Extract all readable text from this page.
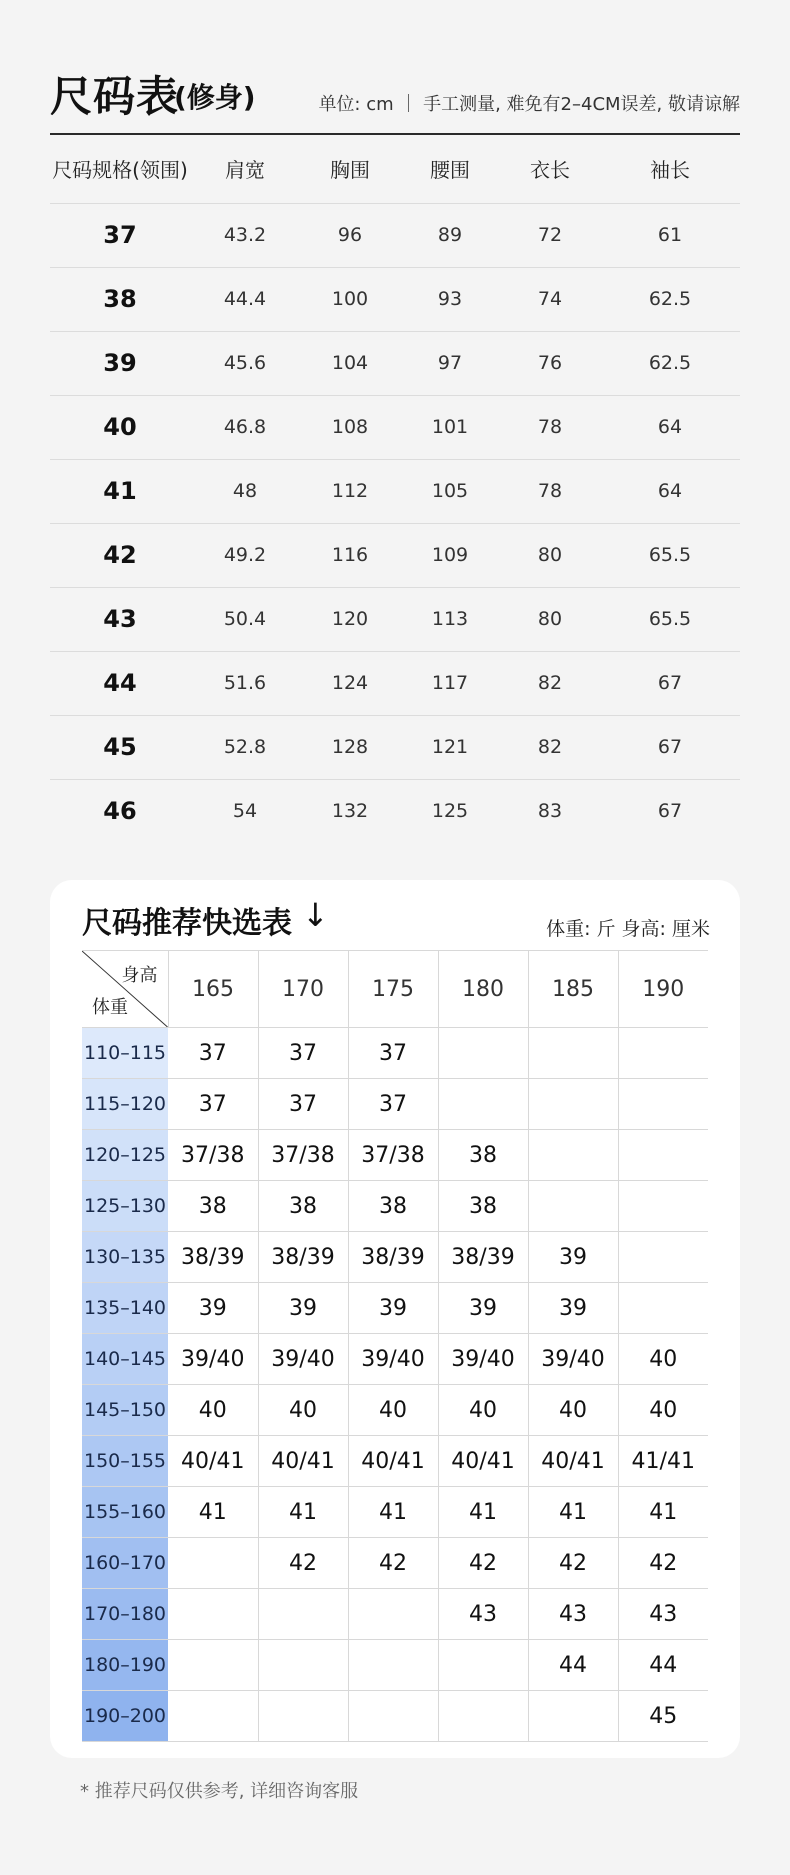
尺码表
(修身)	单位: cm ｜ 手工测量, 难免有2–4CM误差, 敬请谅解
尺码规格(领围)	肩宽	胸围	腰围	衣长	袖长
37	43.2	96	89	72	61
38	44.4	100	93	74	62.5
39	45.6	104	97	76	62.5
40	46.8	108	101	78	64
41	48	112	105	78	64
42	49.2	116	109	80	65.5
43	50.4	120	113	80	65.5
44	51.6	124	117	82	67
45	52.8	128	121	82	67
46	54	132	125	83	67
尺码推荐快选表 ↓	体重: 斤 身高: 厘米
身高
体重	165	170	175	180	185	190
110–115	37	37	37			
115–120	37	37	37			
120–125	37/38	37/38	37/38	38		
125–130	38	38	38	38		
130–135	38/39	38/39	38/39	38/39	39	
135–140	39	39	39	39	39	
140–145	39/40	39/40	39/40	39/40	39/40	40
145–150	40	40	40	40	40	40
150–155	40/41	40/41	40/41	40/41	40/41	41/41
155–160	41	41	41	41	41	41
160–170		42	42	42	42	42
170–180				43	43	43
180–190					44	44
190–200						45
* 推荐尺码仅供参考, 详细咨询客服
